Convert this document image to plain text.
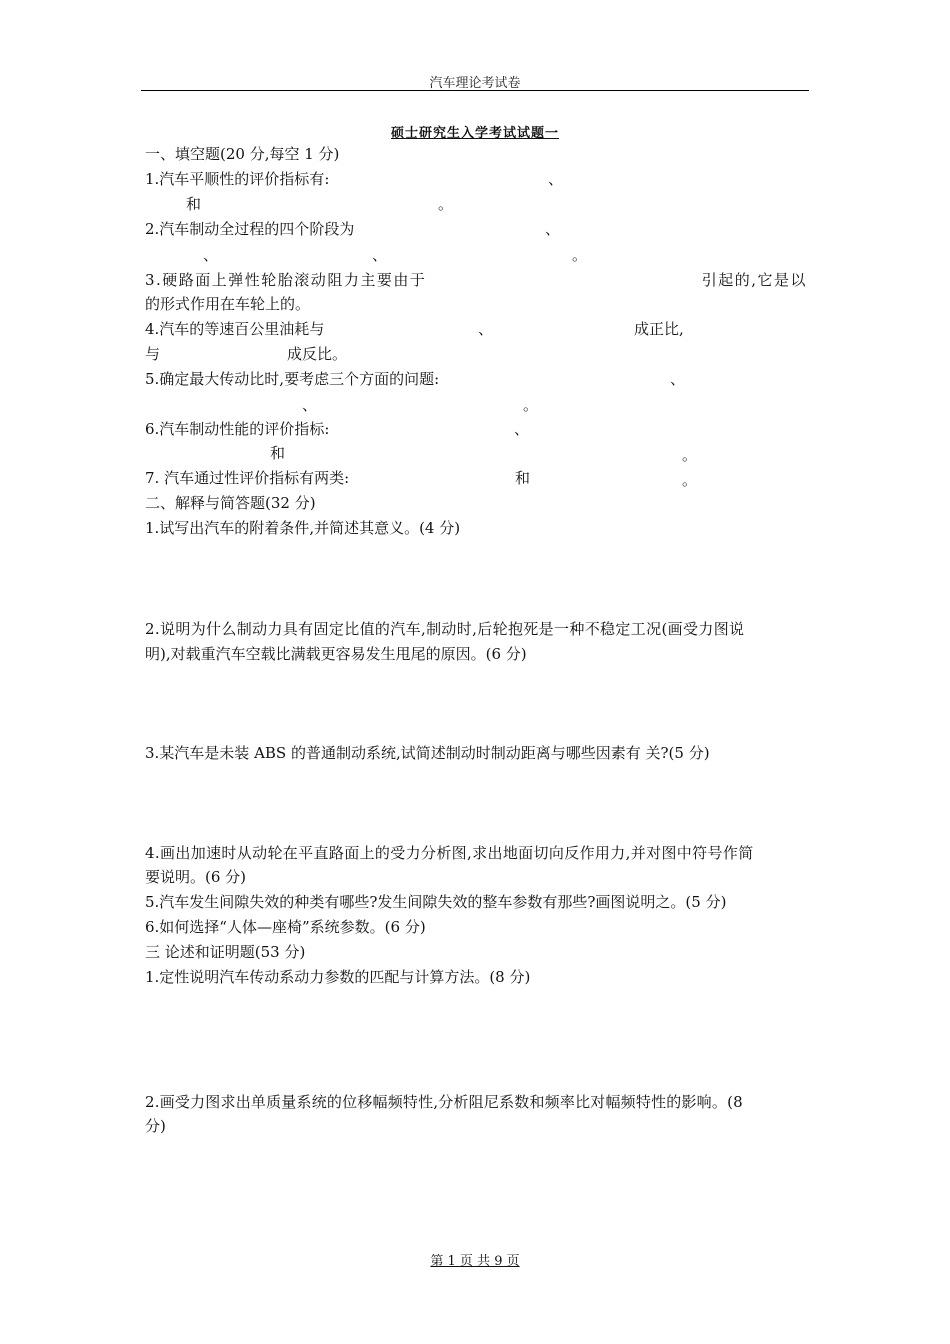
汽车理论考试卷
硕士研究生入学考试试题一
一、填空题(20 分,每空 1 分)
1.汽车平顺性的评价指标有:	、
和	。
2.汽车制动全过程的四个阶段为	、
、	、	。
3.硬路面上弹性轮胎滚动阻力主要由于	引起的,它是以
的形式作用在车轮上的。
4.汽车的等速百公里油耗与	、	成正比,
与	成反比。
5.确定最大传动比时,要考虑三个方面的问题:	、
、	。
6.汽车制动性能的评价指标:	、
和	。
7. 汽车通过性评价指标有两类:	和	。
二、解释与简答题(32 分)
1.试写出汽车的附着条件,并简述其意义。(4 分)
2.说明为什么制动力具有固定比值的汽车,制动时,后轮抱死是一种不稳定工况(画受力图说
明),对载重汽车空载比满载更容易发生甩尾的原因。(6 分)
3.某汽车是未装 ABS 的普通制动系统,试简述制动时制动距离与哪些因素有 关?(5 分)
4.画出加速时从动轮在平直路面上的受力分析图,求出地面切向反作用力,并对图中符号作简
要说明。(6 分)
5.汽车发生间隙失效的种类有哪些?发生间隙失效的整车参数有那些?画图说明之。(5 分)
6.如何选择“人体—座椅”系统参数。(6 分)
三 论述和证明题(53 分)
1.定性说明汽车传动系动力参数的匹配与计算方法。(8 分)
2.画受力图求出单质量系统的位移幅频特性,分析阻尼系数和频率比对幅频特性的影响。(8
分)
第 1 页 共 9 页
